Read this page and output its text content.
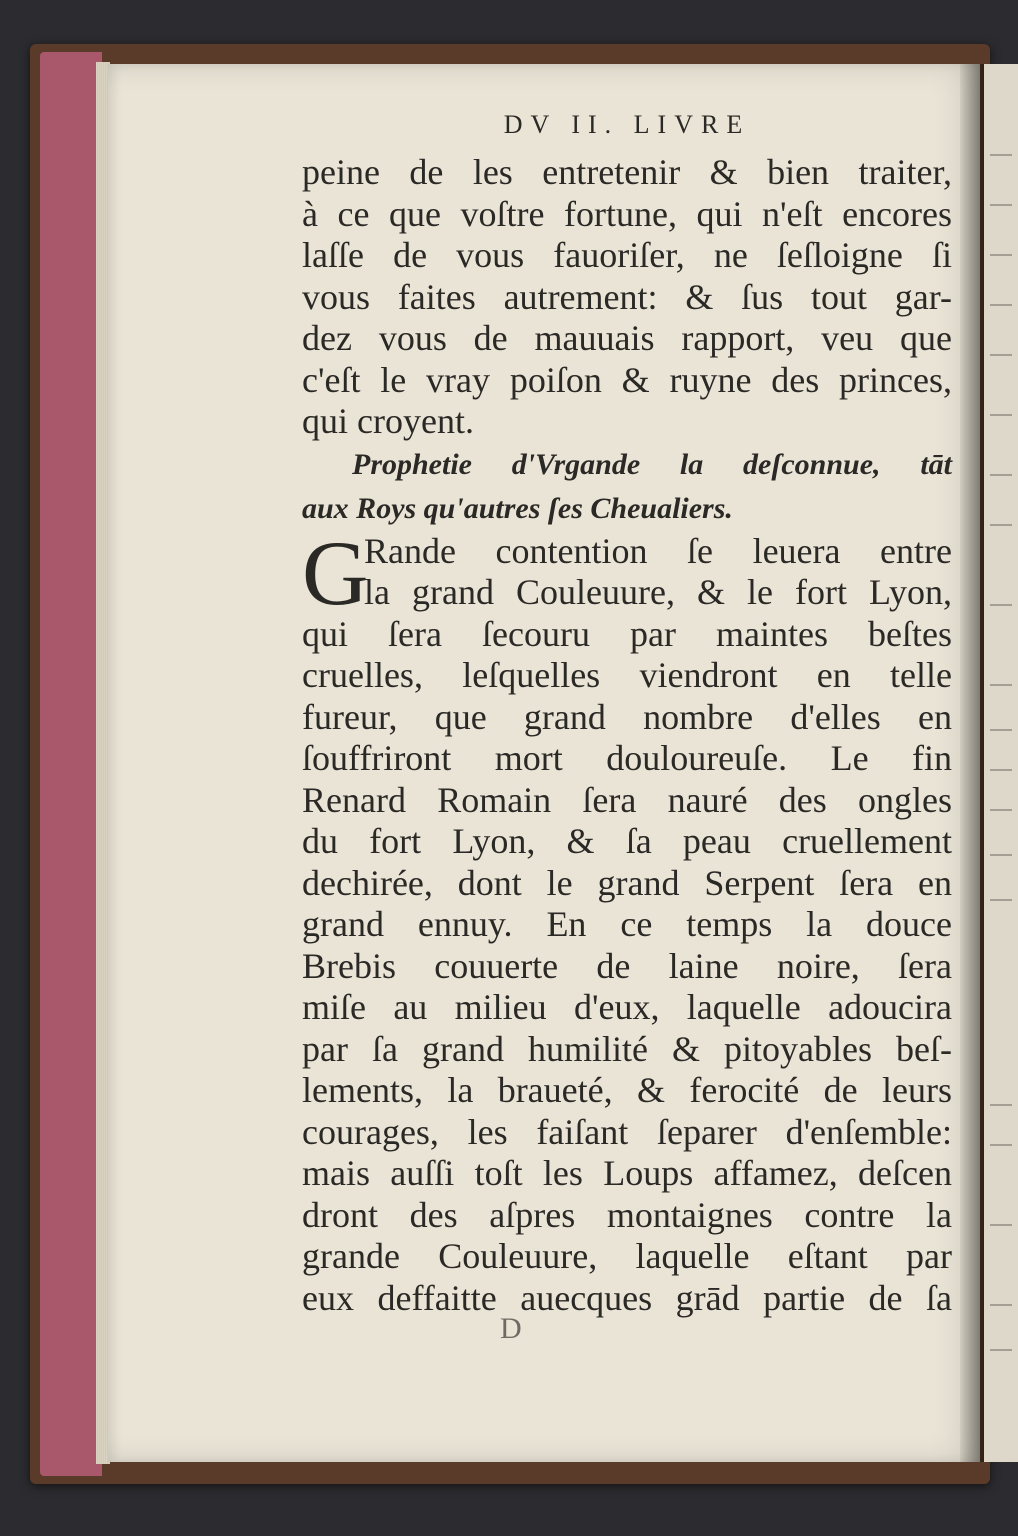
DV II. LIVRE
peine de les entretenir & bien traiter,
à ce que voſtre fortune, qui n'eſt encores
laſſe de vous fauoriſer, ne ſeſloigne ſi
vous faites autrement: & ſus tout gar-
dez vous de mauuais rapport, veu que
c'eſt le vray poiſon & ruyne des princes,
qui croyent.
Prophetie d'Vrgande la deſconnue, tāt
aux Roys qu'autres ſes Cheualiers.
G
Rande contention ſe leuera entre
la grand Couleuure, & le fort Lyon,
qui ſera ſecouru par maintes beſtes
cruelles, leſquelles viendront en telle
fureur, que grand nombre d'elles en
ſouffriront mort douloureuſe. Le fin
Renard Romain ſera nauré des ongles
du fort Lyon, & ſa peau cruellement
dechirée, dont le grand Serpent ſera en
grand ennuy. En ce temps la douce
Brebis couuerte de laine noire, ſera
miſe au milieu d'eux, laquelle adoucira
par ſa grand humilité & pitoyables beſ-
lements, la braueté, & ferocité de leurs
courages, les faiſant ſeparer d'enſemble:
mais auſſi toſt les Loups affamez, deſcen
dront des aſpres montaignes contre la
grande Couleuure, laquelle eſtant par
eux deffaitte auecques grād partie de ſa
D
